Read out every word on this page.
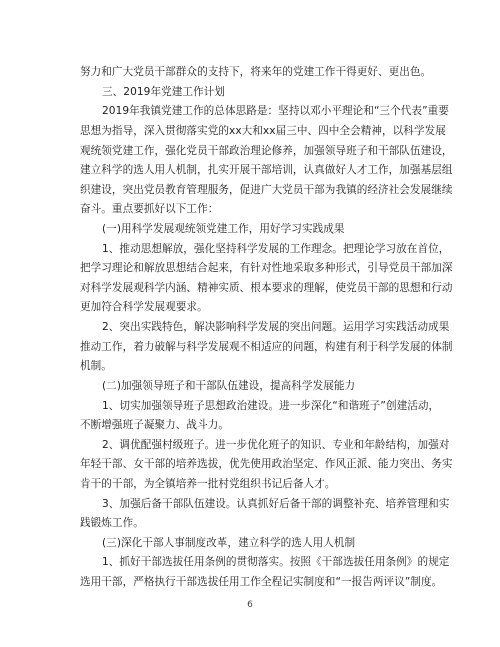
努力和广大党员干部群众的支持下，将来年的党建工作干得更好、更出色。
三、2019年党建工作计划
2019年我镇党建工作的总体思路是：坚持以邓小平理论和“三个代表”重要
思想为指导，深入贯彻落实党的xx大和xx届三中、四中全会精神，以科学发展
观统领党建工作，强化党员干部政治理论修养，加强领导班子和干部队伍建设，
建立科学的选人用人机制，扎实开展干部培训，认真做好人才工作，加强基层组
织建设，突出党员教育管理服务，促进广大党员干部为我镇的经济社会发展继续
奋斗。重点要抓好以下工作：
(一)用科学发展观统领党建工作，用好学习实践成果
1、推动思想解放，强化坚持科学发展的工作理念。把理论学习放在首位，
把学习理论和解放思想结合起来，有针对性地采取多种形式，引导党员干部加深
对科学发展观科学内涵、精神实质、根本要求的理解，使党员干部的思想和行动
更加符合科学发展观要求。
2、突出实践特色，解决影响科学发展的突出问题。运用学习实践活动成果
推动工作，着力破解与科学发展观不相适应的问题，构建有利于科学发展的体制
机制。
(二)加强领导班子和干部队伍建设，提高科学发展能力
1、切实加强领导班子思想政治建设。进一步深化“和谐班子”创建活动，
不断增强班子凝聚力、战斗力。
2、调优配强村级班子。进一步优化班子的知识、专业和年龄结构，加强对
年轻干部、女干部的培养选拔，优先使用政治坚定、作风正派、能力突出、务实
肯干的干部，为全镇培养一批村党组织书记后备人才。
3、加强后备干部队伍建设。认真抓好后备干部的调整补充、培养管理和实
践锻炼工作。
(三)深化干部人事制度改革，建立科学的选人用人机制
1、抓好干部选拔任用条例的贯彻落实。按照《干部选拔任用条例》的规定
选用干部，严格执行干部选拔任用工作全程记实制度和“一报告两评议”制度。
6
